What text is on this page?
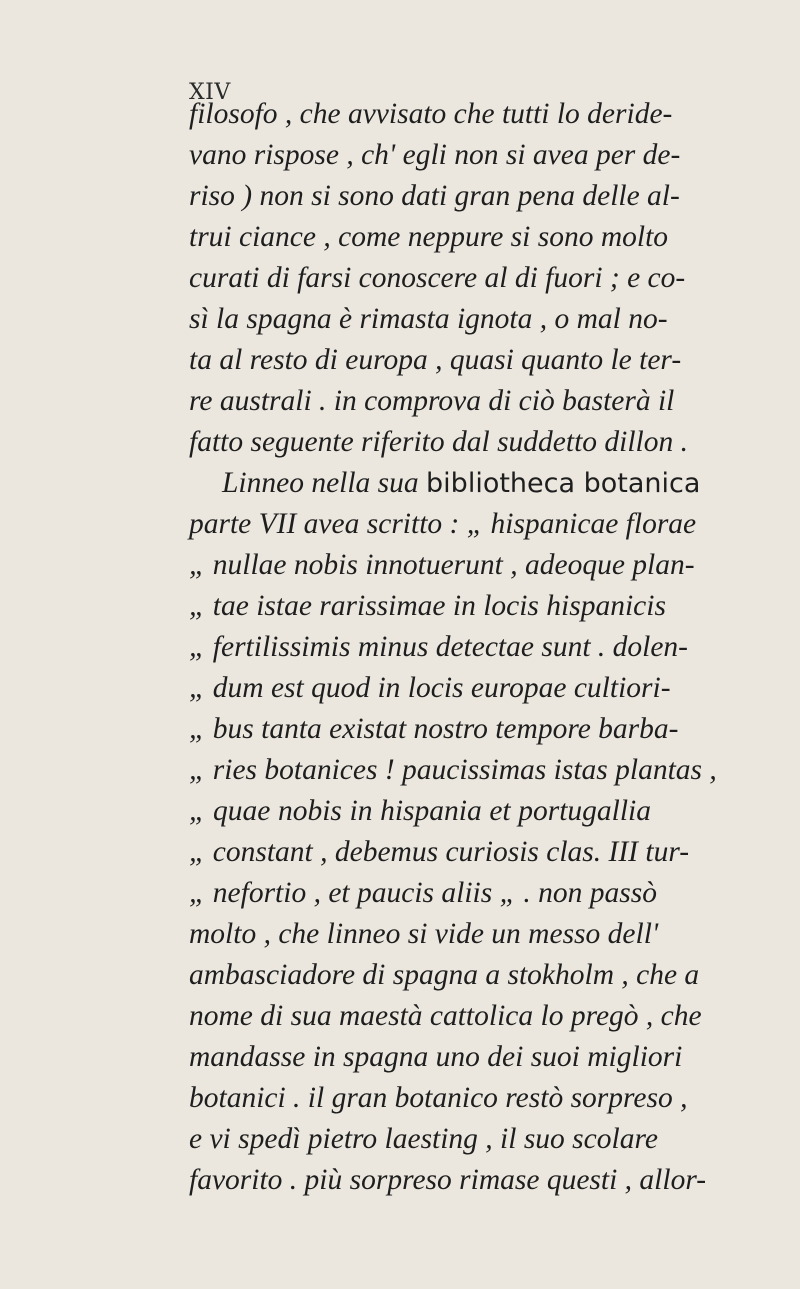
XIV
filosofo , che avvisato che tutti lo deride-
vano rispose , ch' egli non si avea per de-
riso ) non si sono dati gran pena delle al-
trui ciance , come neppure si sono molto
curati di farsi conoscere al di fuori ; e co-
sì la spagna è rimasta ignota , o mal no-
ta al resto di europa , quasi quanto le ter-
re australi . in comprova di ciò basterà il
fatto seguente riferito dal suddetto dillon .
Linneo nella sua bibliotheca botanica
parte VII avea scritto : „ hispanicae florae
„ nullae nobis innotuerunt , adeoque plan-
„ tae istae rarissimae in locis hispanicis
„ fertilissimis minus detectae sunt . dolen-
„ dum est quod in locis europae cultiori-
„ bus tanta existat nostro tempore barba-
„ ries botanices ! paucissimas istas plantas ,
„ quae nobis in hispania et portugallia
„ constant , debemus curiosis clas. III tur-
„ nefortio , et paucis aliis „ . non passò
molto , che linneo si vide un messo dell'
ambasciadore di spagna a stokholm , che a
nome di sua maestà cattolica lo pregò , che
mandasse in spagna uno dei suoi migliori
botanici . il gran botanico restò sorpreso ,
e vi spedì pietro laesting , il suo scolare
favorito . più sorpreso rimase questi , allor-
